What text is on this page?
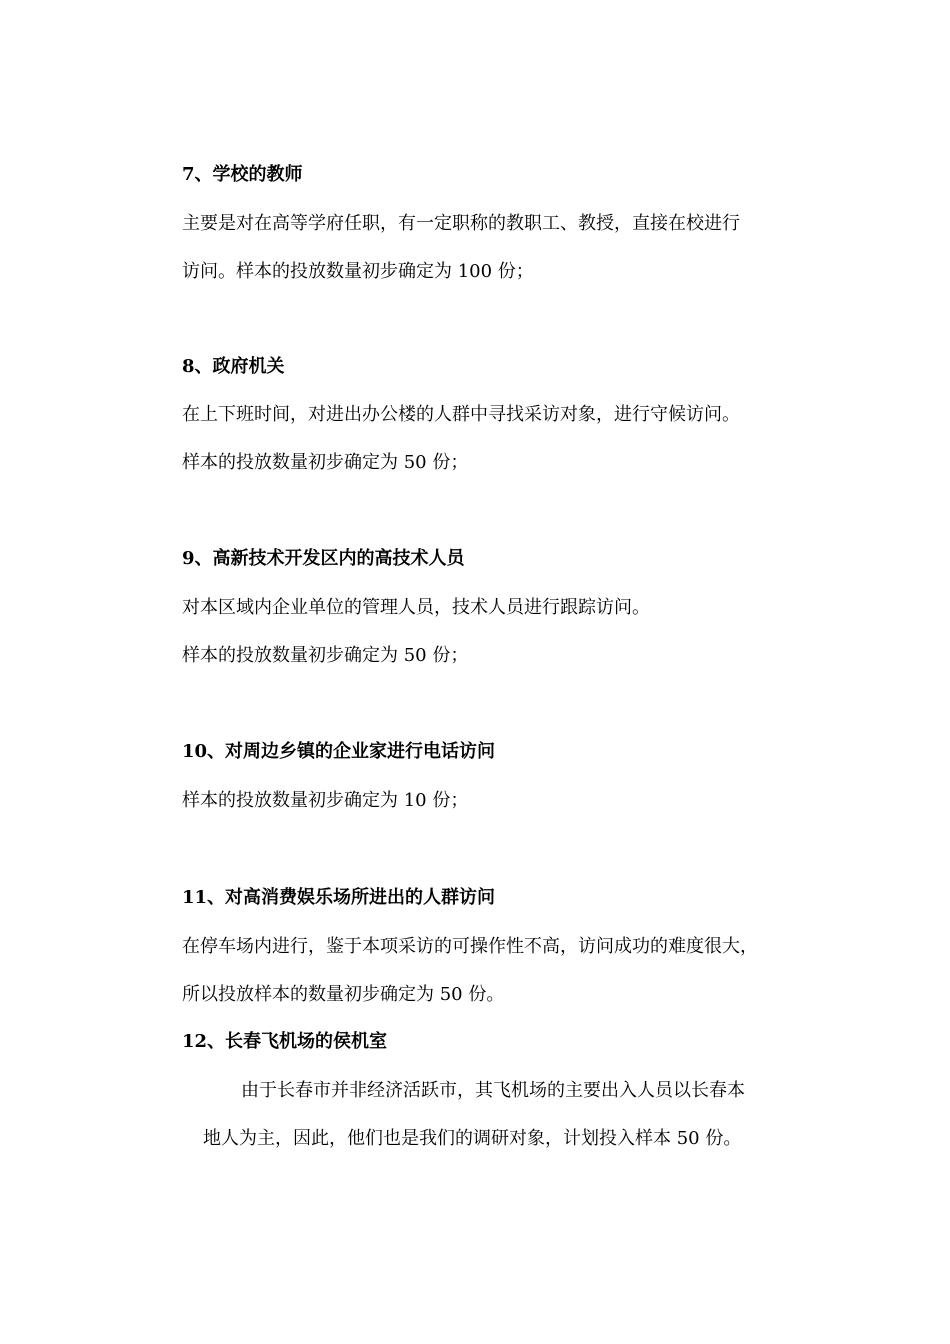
7、学校的教师

主要是对在高等学府任职，有一定职称的教职工、教授，直接在校进行

访问。样本的投放数量初步确定为 100 份；

8、政府机关

在上下班时间，对进出办公楼的人群中寻找采访对象，进行守候访问。

样本的投放数量初步确定为 50 份；

9、高新技术开发区内的高技术人员

对本区域内企业单位的管理人员，技术人员进行跟踪访问。

样本的投放数量初步确定为 50 份；

10、对周边乡镇的企业家进行电话访问

样本的投放数量初步确定为 10 份；

11、对高消费娱乐场所进出的人群访问

在停车场内进行，鉴于本项采访的可操作性不高，访问成功的难度很大，

所以投放样本的数量初步确定为 50 份。

12、长春飞机场的侯机室

由于长春市并非经济活跃市，其飞机场的主要出入人员以长春本

地人为主，因此，他们也是我们的调研对象，计划投入样本 50 份。
